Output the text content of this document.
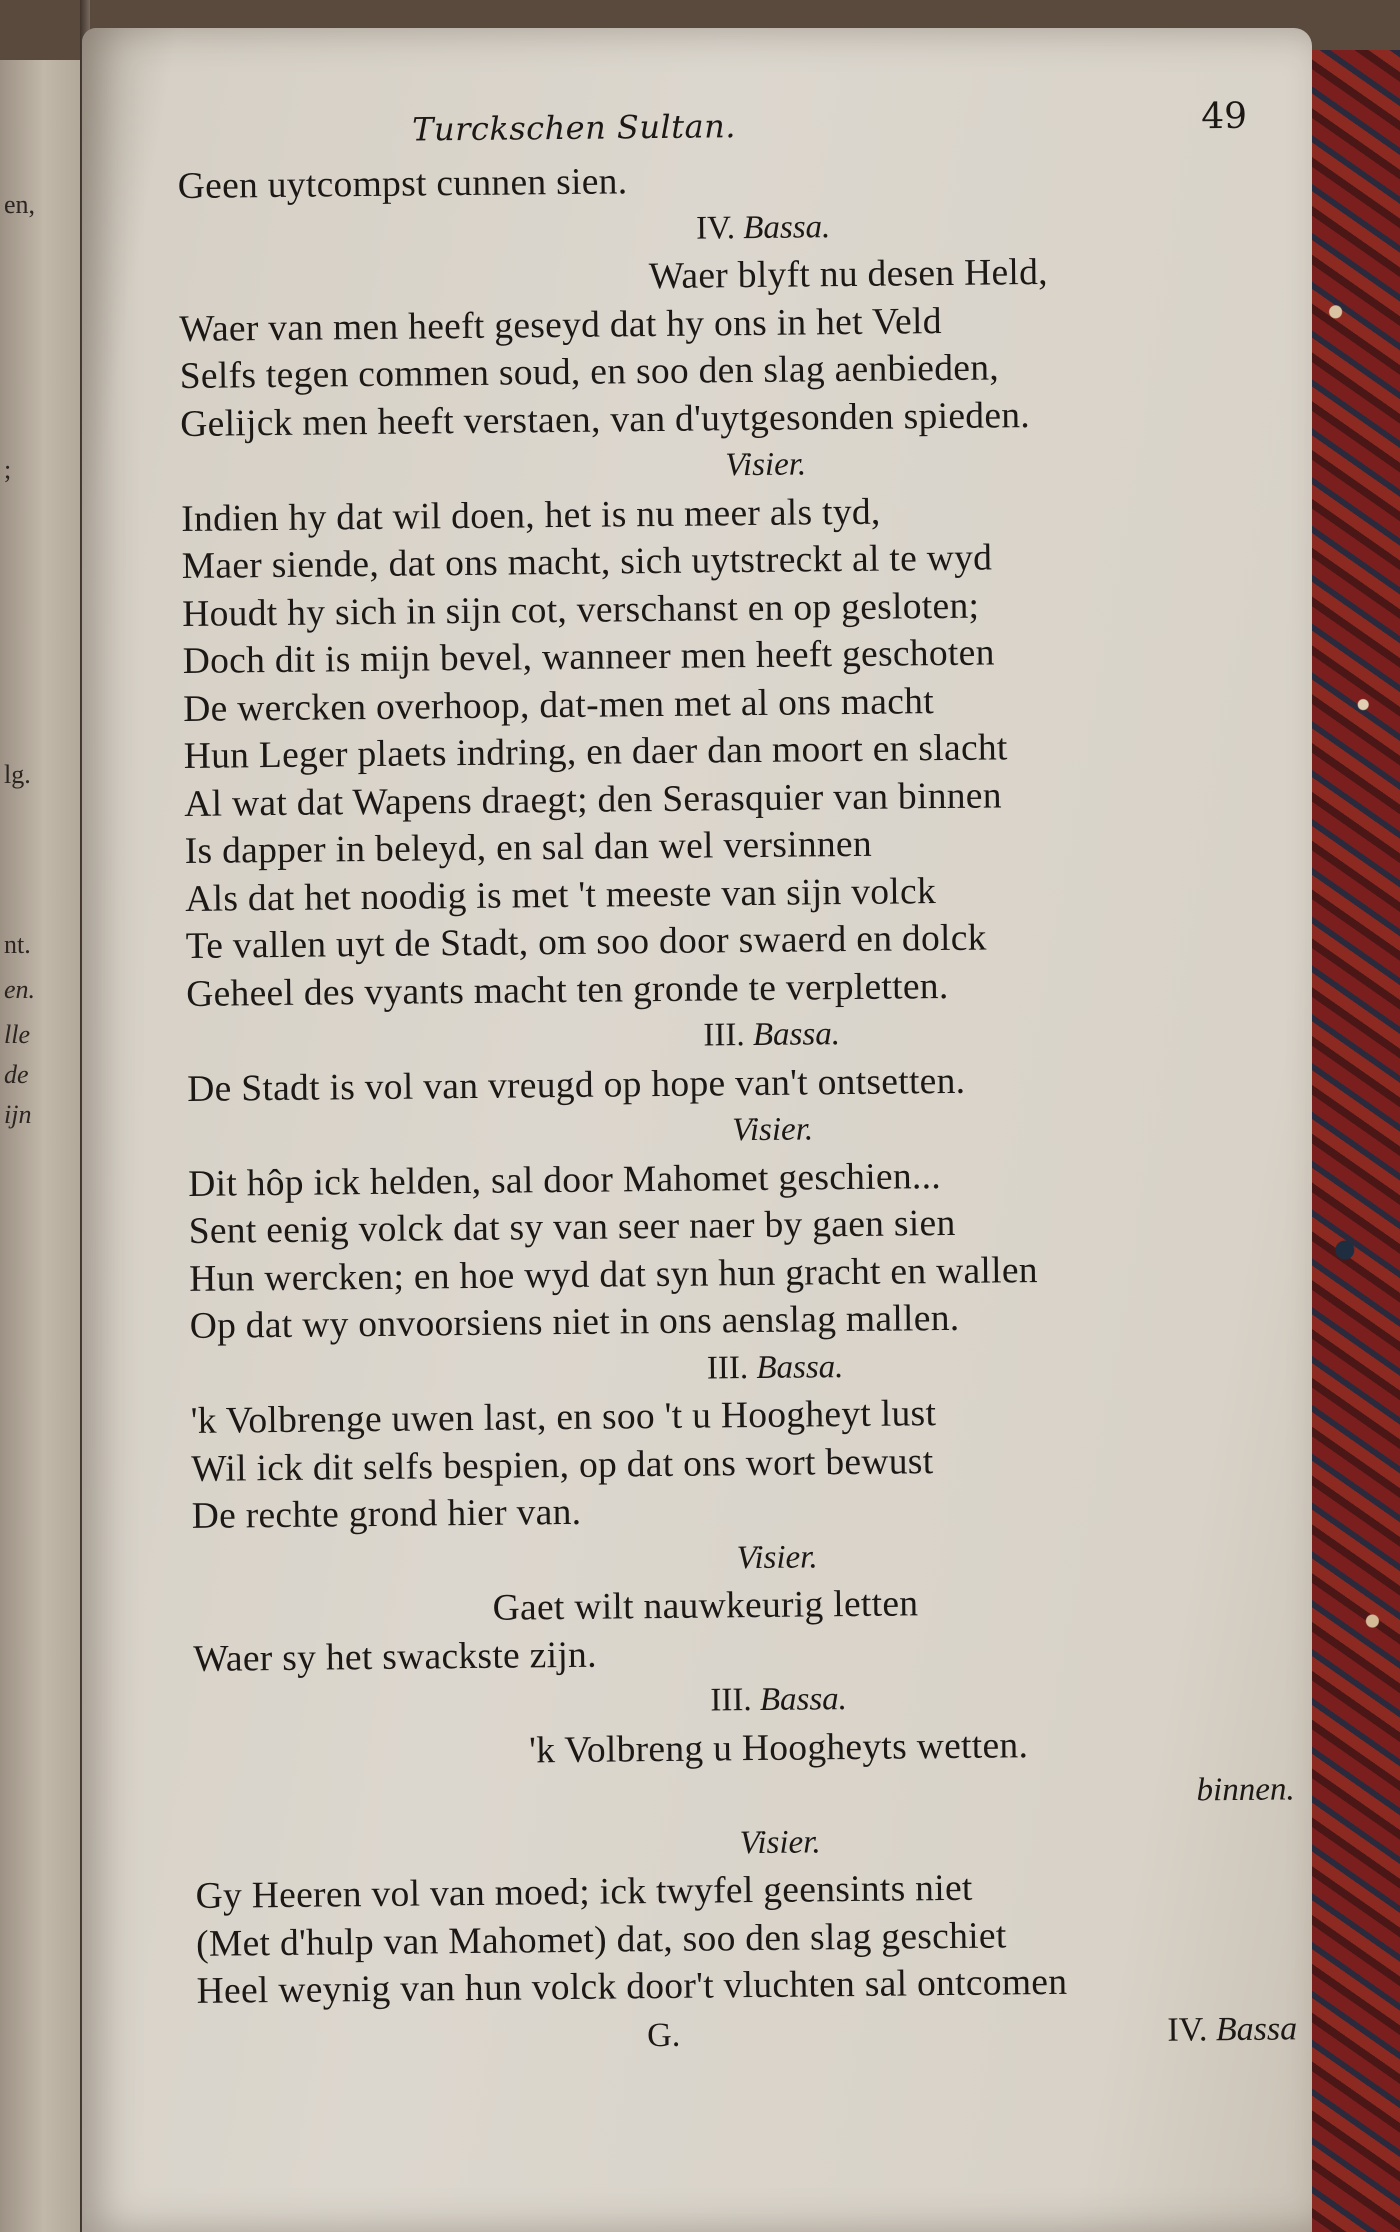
en,
;
lg.
nt.
en.
lle
de
ijn
Turckschen Sultan.	49
Geen uytcompst cunnen sien.
IV. Bassa.
Waer blyft nu desen Held,
Waer van men heeft geseyd dat hy ons in het Veld
Selfs tegen commen soud, en soo den slag aenbieden,
Gelijck men heeft verstaen, van d'uytgesonden spieden.
Visier.
Indien hy dat wil doen, het is nu meer als tyd,
Maer siende, dat ons macht, sich uytstreckt al te wyd
Houdt hy sich in sijn cot, verschanst en op gesloten;
Doch dit is mijn bevel, wanneer men heeft geschoten
De wercken overhoop, dat-men met al ons macht
Hun Leger plaets indring, en daer dan moort en slacht
Al wat dat Wapens draegt; den Serasquier van binnen
Is dapper in beleyd, en sal dan wel versinnen
Als dat het noodig is met 't meeste van sijn volck
Te vallen uyt de Stadt, om soo door swaerd en dolck
Geheel des vyants macht ten gronde te verpletten.
III. Bassa.
De Stadt is vol van vreugd op hope van't ontsetten.
Visier.
Dit hôp ick helden, sal door Mahomet geschien...
Sent eenig volck dat sy van seer naer by gaen sien
Hun wercken; en hoe wyd dat syn hun gracht en wallen
Op dat wy onvoorsiens niet in ons aenslag mallen.
III. Bassa.
'k Volbrenge uwen last, en soo 't u Hoogheyt lust
Wil ick dit selfs bespien, op dat ons wort bewust
De rechte grond hier van.
Visier.
Gaet wilt nauwkeurig letten
Waer sy het swackste zijn.
III. Bassa.
'k Volbreng u Hoogheyts wetten.
binnen.
Visier.
Gy Heeren vol van moed; ick twyfel geensints niet
(Met d'hulp van Mahomet) dat, soo den slag geschiet
Heel weynig van hun volck door't vluchten sal ontcomen
G.	IV. Bassa
